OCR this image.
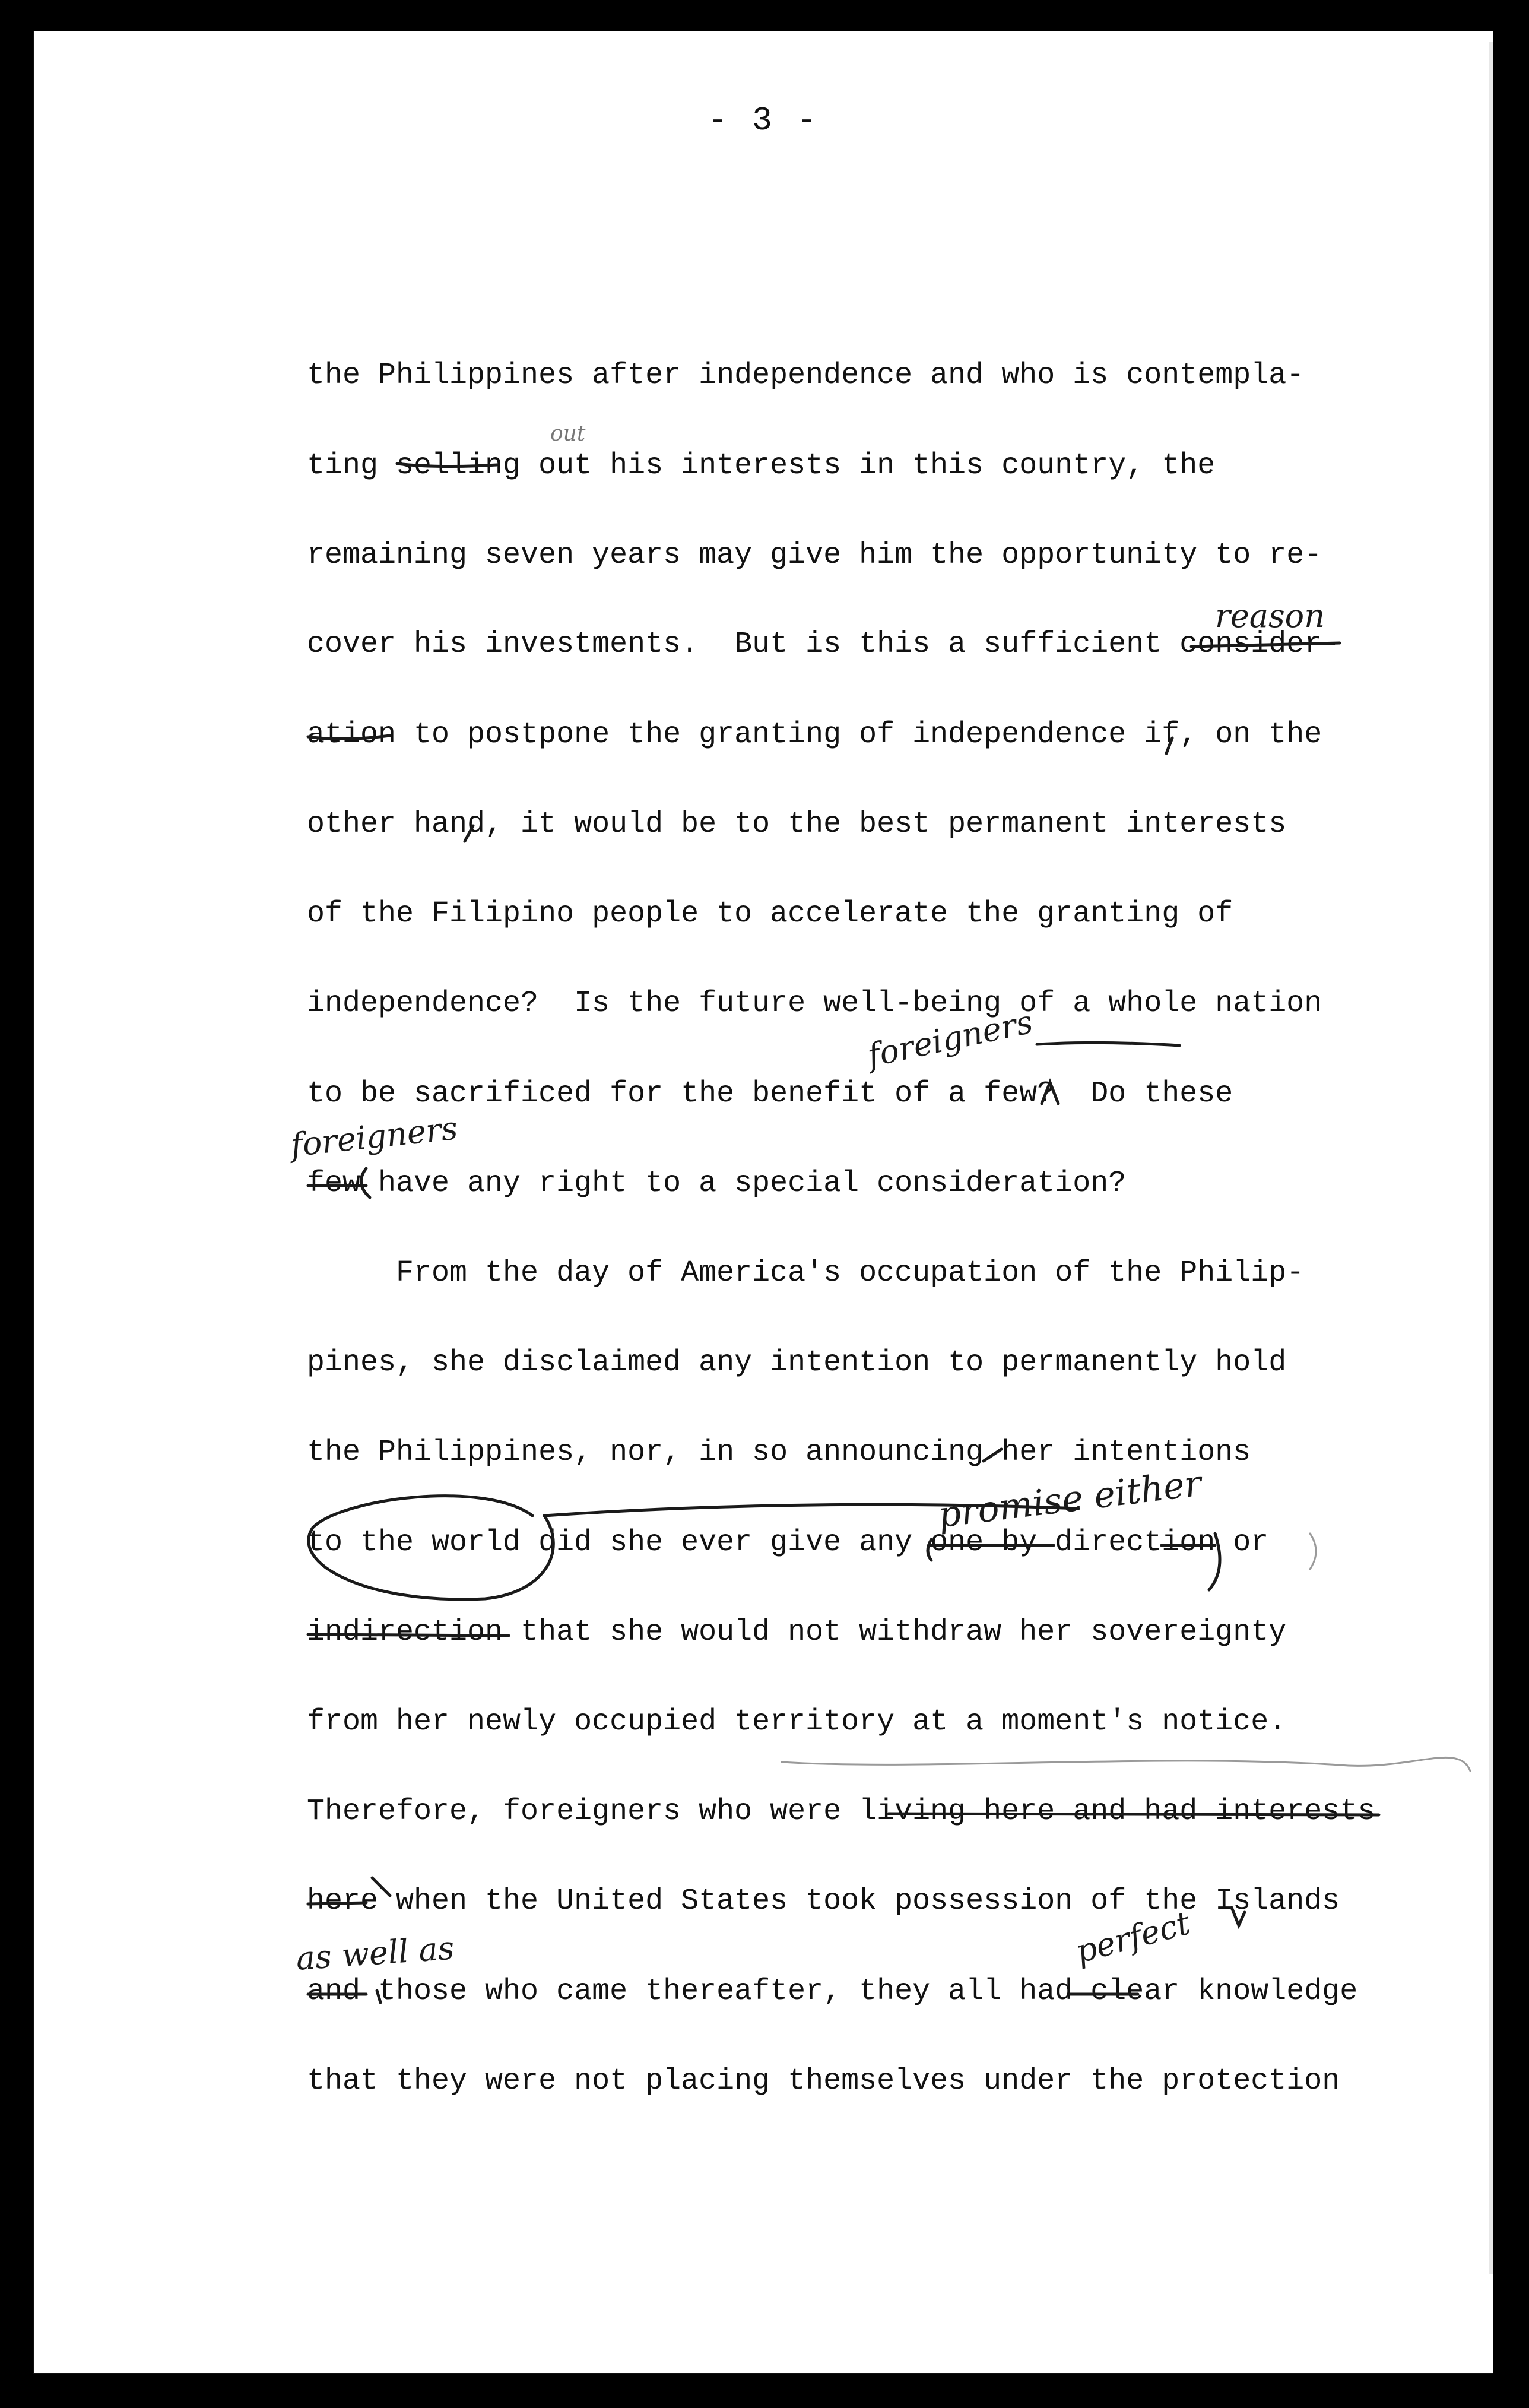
- 3 -
the Philippines after independence and who is contempla-
ting selling out his interests in this country, the
remaining seven years may give him the opportunity to re-
cover his investments.  But is this a sufficient consider-
ation to postpone the granting of independence if, on the
other hand, it would be to the best permanent interests
of the Filipino people to accelerate the granting of
independence?  Is the future well-being of a whole nation
to be sacrificed for the benefit of a few?  Do these
few have any right to a special consideration?
From the day of America's occupation of the Philip-
pines, she disclaimed any intention to permanently hold
the Philippines, nor, in so announcing her intentions
to the world did she ever give any one by direction or
indirection that she would not withdraw her sovereignty
from her newly occupied territory at a moment's notice.
Therefore, foreigners who were living here and had interests
here when the United States took possession of the Islands
and those who came thereafter, they all had clear knowledge
that they were not placing themselves under the protection
out
reason
foreigners
foreigners
promise either
as well as	perfect
